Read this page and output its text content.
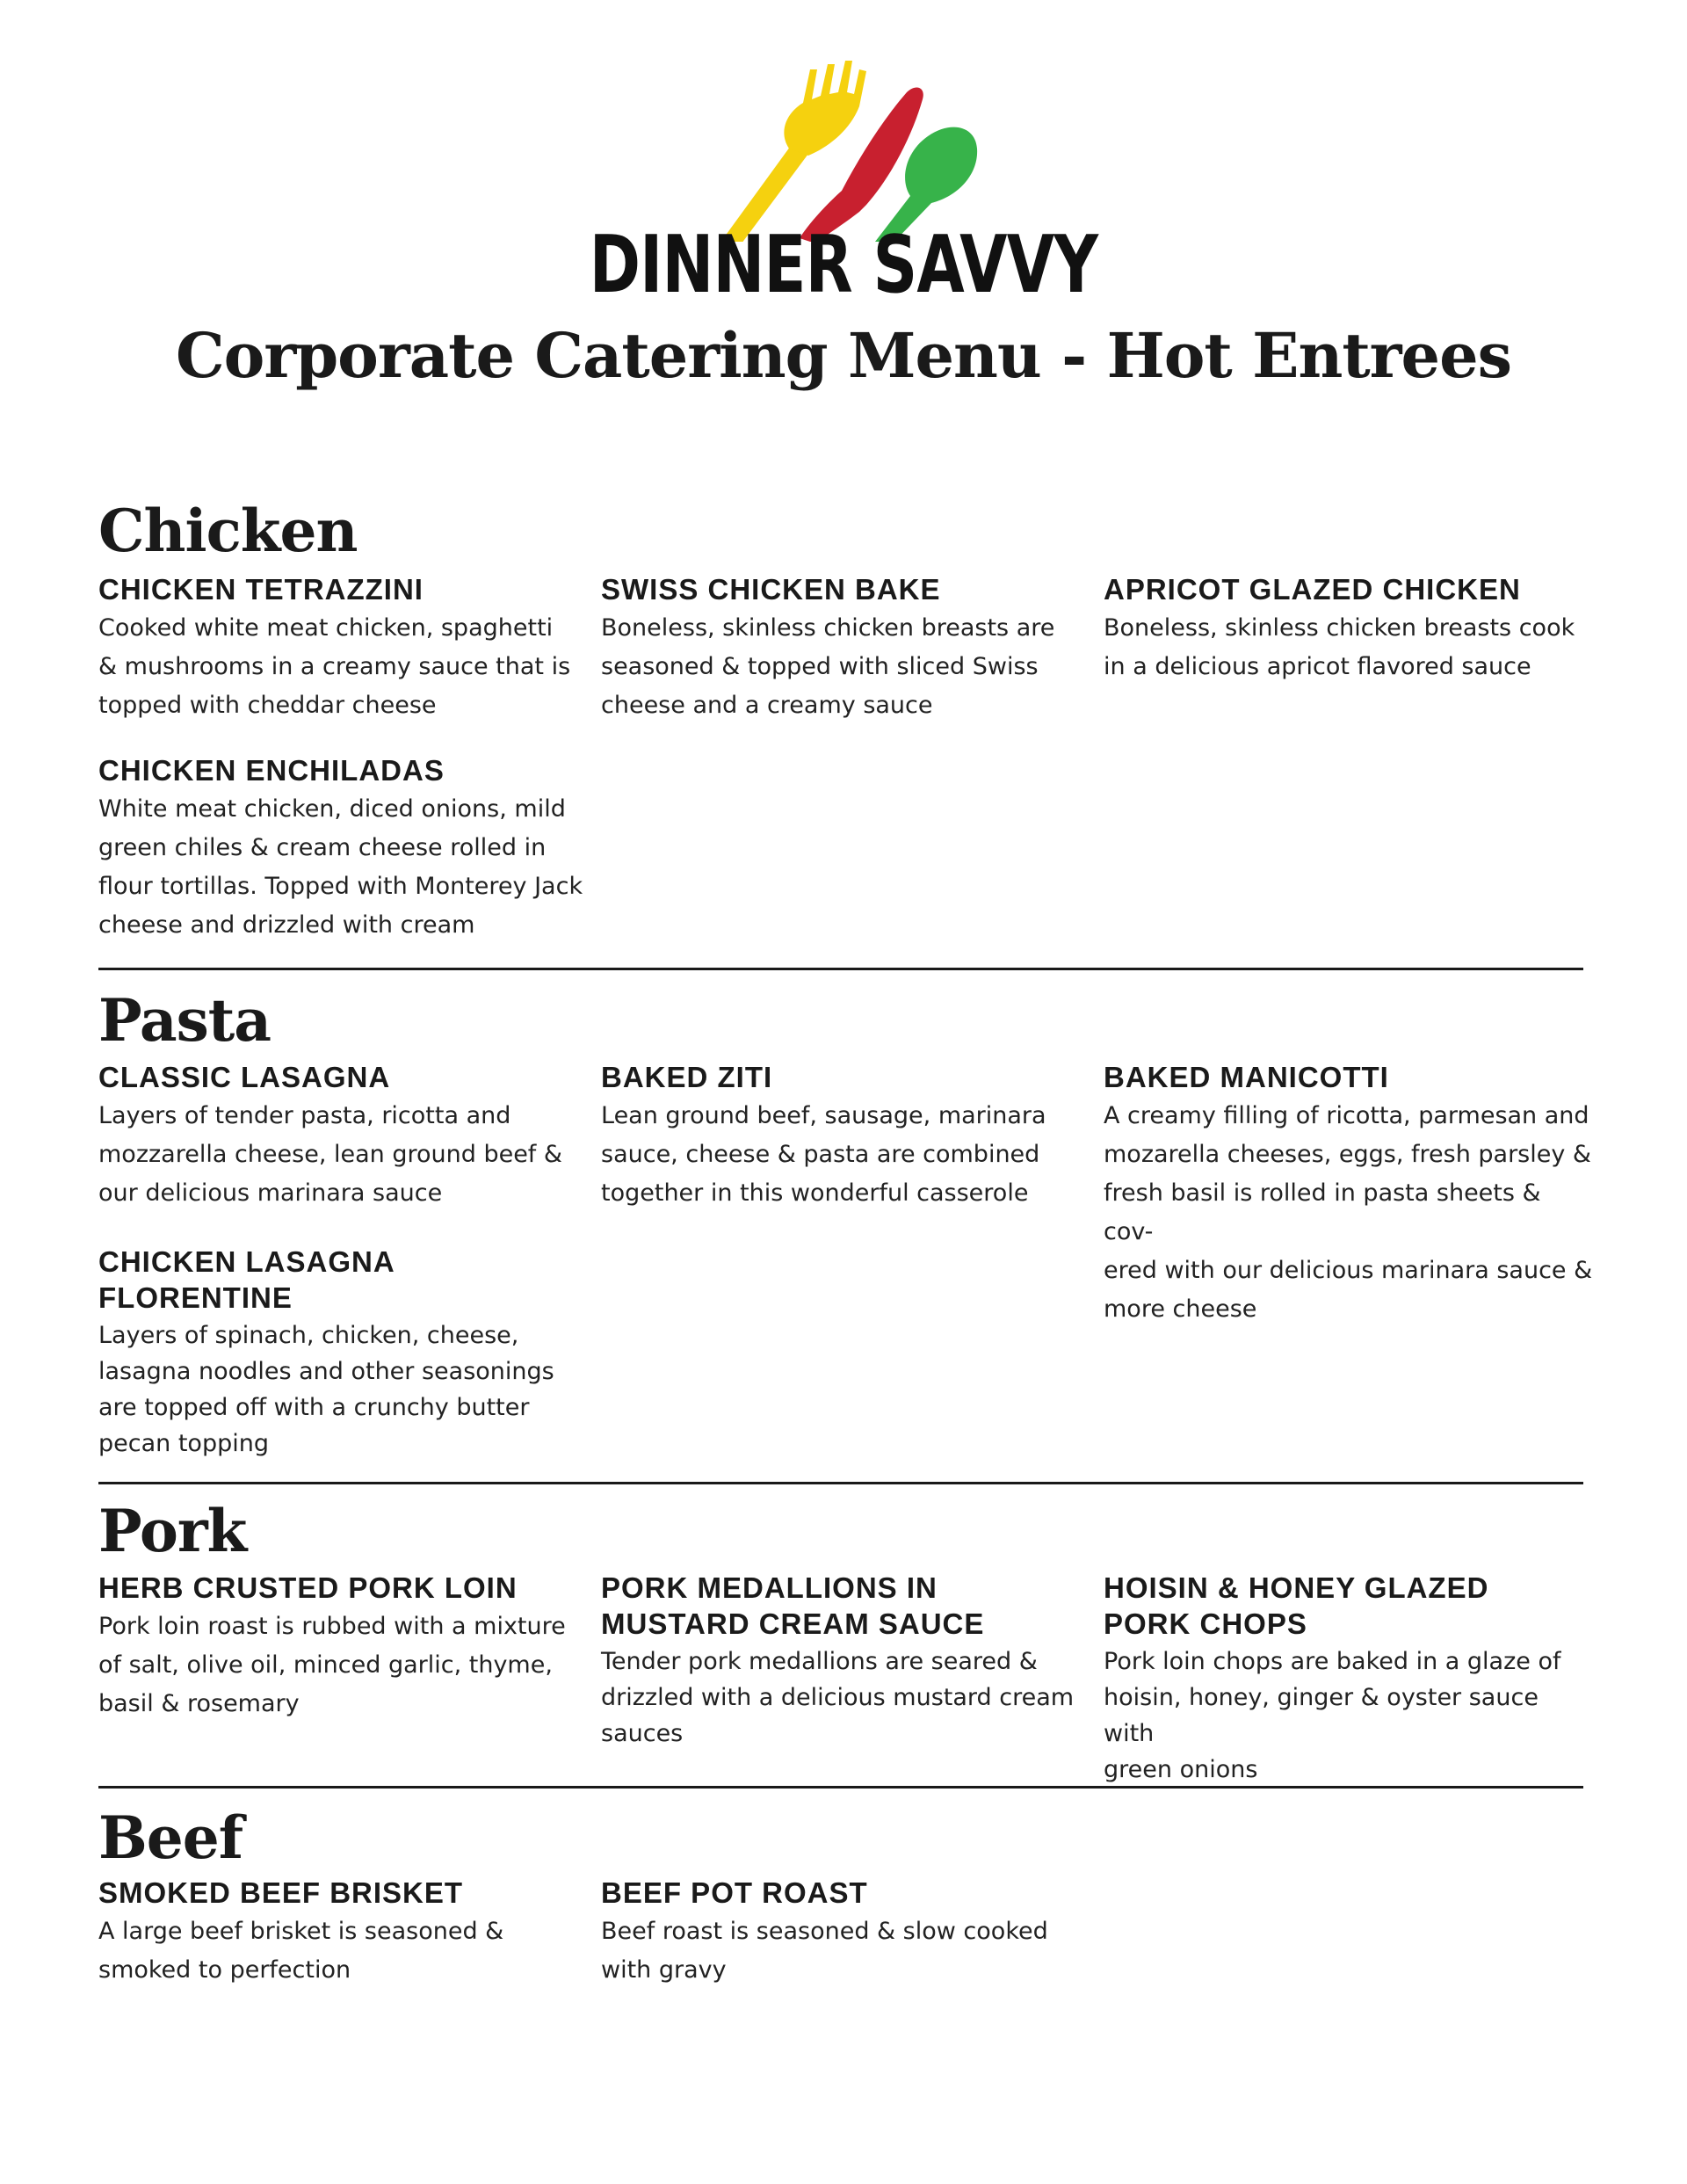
DINNER SAVVY
Corporate Catering Menu - Hot Entrees
Chicken
CHICKEN TETRAZZINI
Cooked white meat chicken, spaghetti
& mushrooms in a creamy sauce that is
topped with cheddar cheese
SWISS CHICKEN BAKE
Boneless, skinless chicken breasts are
seasoned & topped with sliced Swiss
cheese and a creamy sauce
APRICOT GLAZED CHICKEN
Boneless, skinless chicken breasts cook
in a delicious apricot flavored sauce
CHICKEN ENCHILADAS
White meat chicken, diced onions, mild
green chiles & cream cheese rolled in
flour tortillas. Topped with Monterey Jack
cheese and drizzled with cream
Pasta
CLASSIC LASAGNA
Layers of tender pasta, ricotta and
mozzarella cheese, lean ground beef &
our delicious marinara sauce
BAKED ZITI
Lean ground beef, sausage, marinara
sauce, cheese & pasta are combined
together in this wonderful casserole
BAKED MANICOTTI
A creamy filling of ricotta, parmesan and
mozarella cheeses, eggs, fresh parsley &
fresh basil is rolled in pasta sheets & cov-
ered with our delicious marinara sauce &
more cheese
CHICKEN LASAGNA
FLORENTINE
Layers of spinach, chicken, cheese,
lasagna noodles and other seasonings
are topped off with a crunchy butter
pecan topping
Pork
HERB CRUSTED PORK LOIN
Pork loin roast is rubbed with a mixture
of salt, olive oil, minced garlic, thyme,
basil & rosemary
PORK MEDALLIONS IN
MUSTARD CREAM SAUCE
Tender pork medallions are seared &
drizzled with a delicious mustard cream
sauces
HOISIN & HONEY GLAZED
PORK CHOPS
Pork loin chops are baked in a glaze of
hoisin, honey, ginger & oyster sauce with
green onions
Beef
SMOKED BEEF BRISKET
A large beef brisket is seasoned &
smoked to perfection
BEEF POT ROAST
Beef roast is seasoned & slow cooked
with gravy
